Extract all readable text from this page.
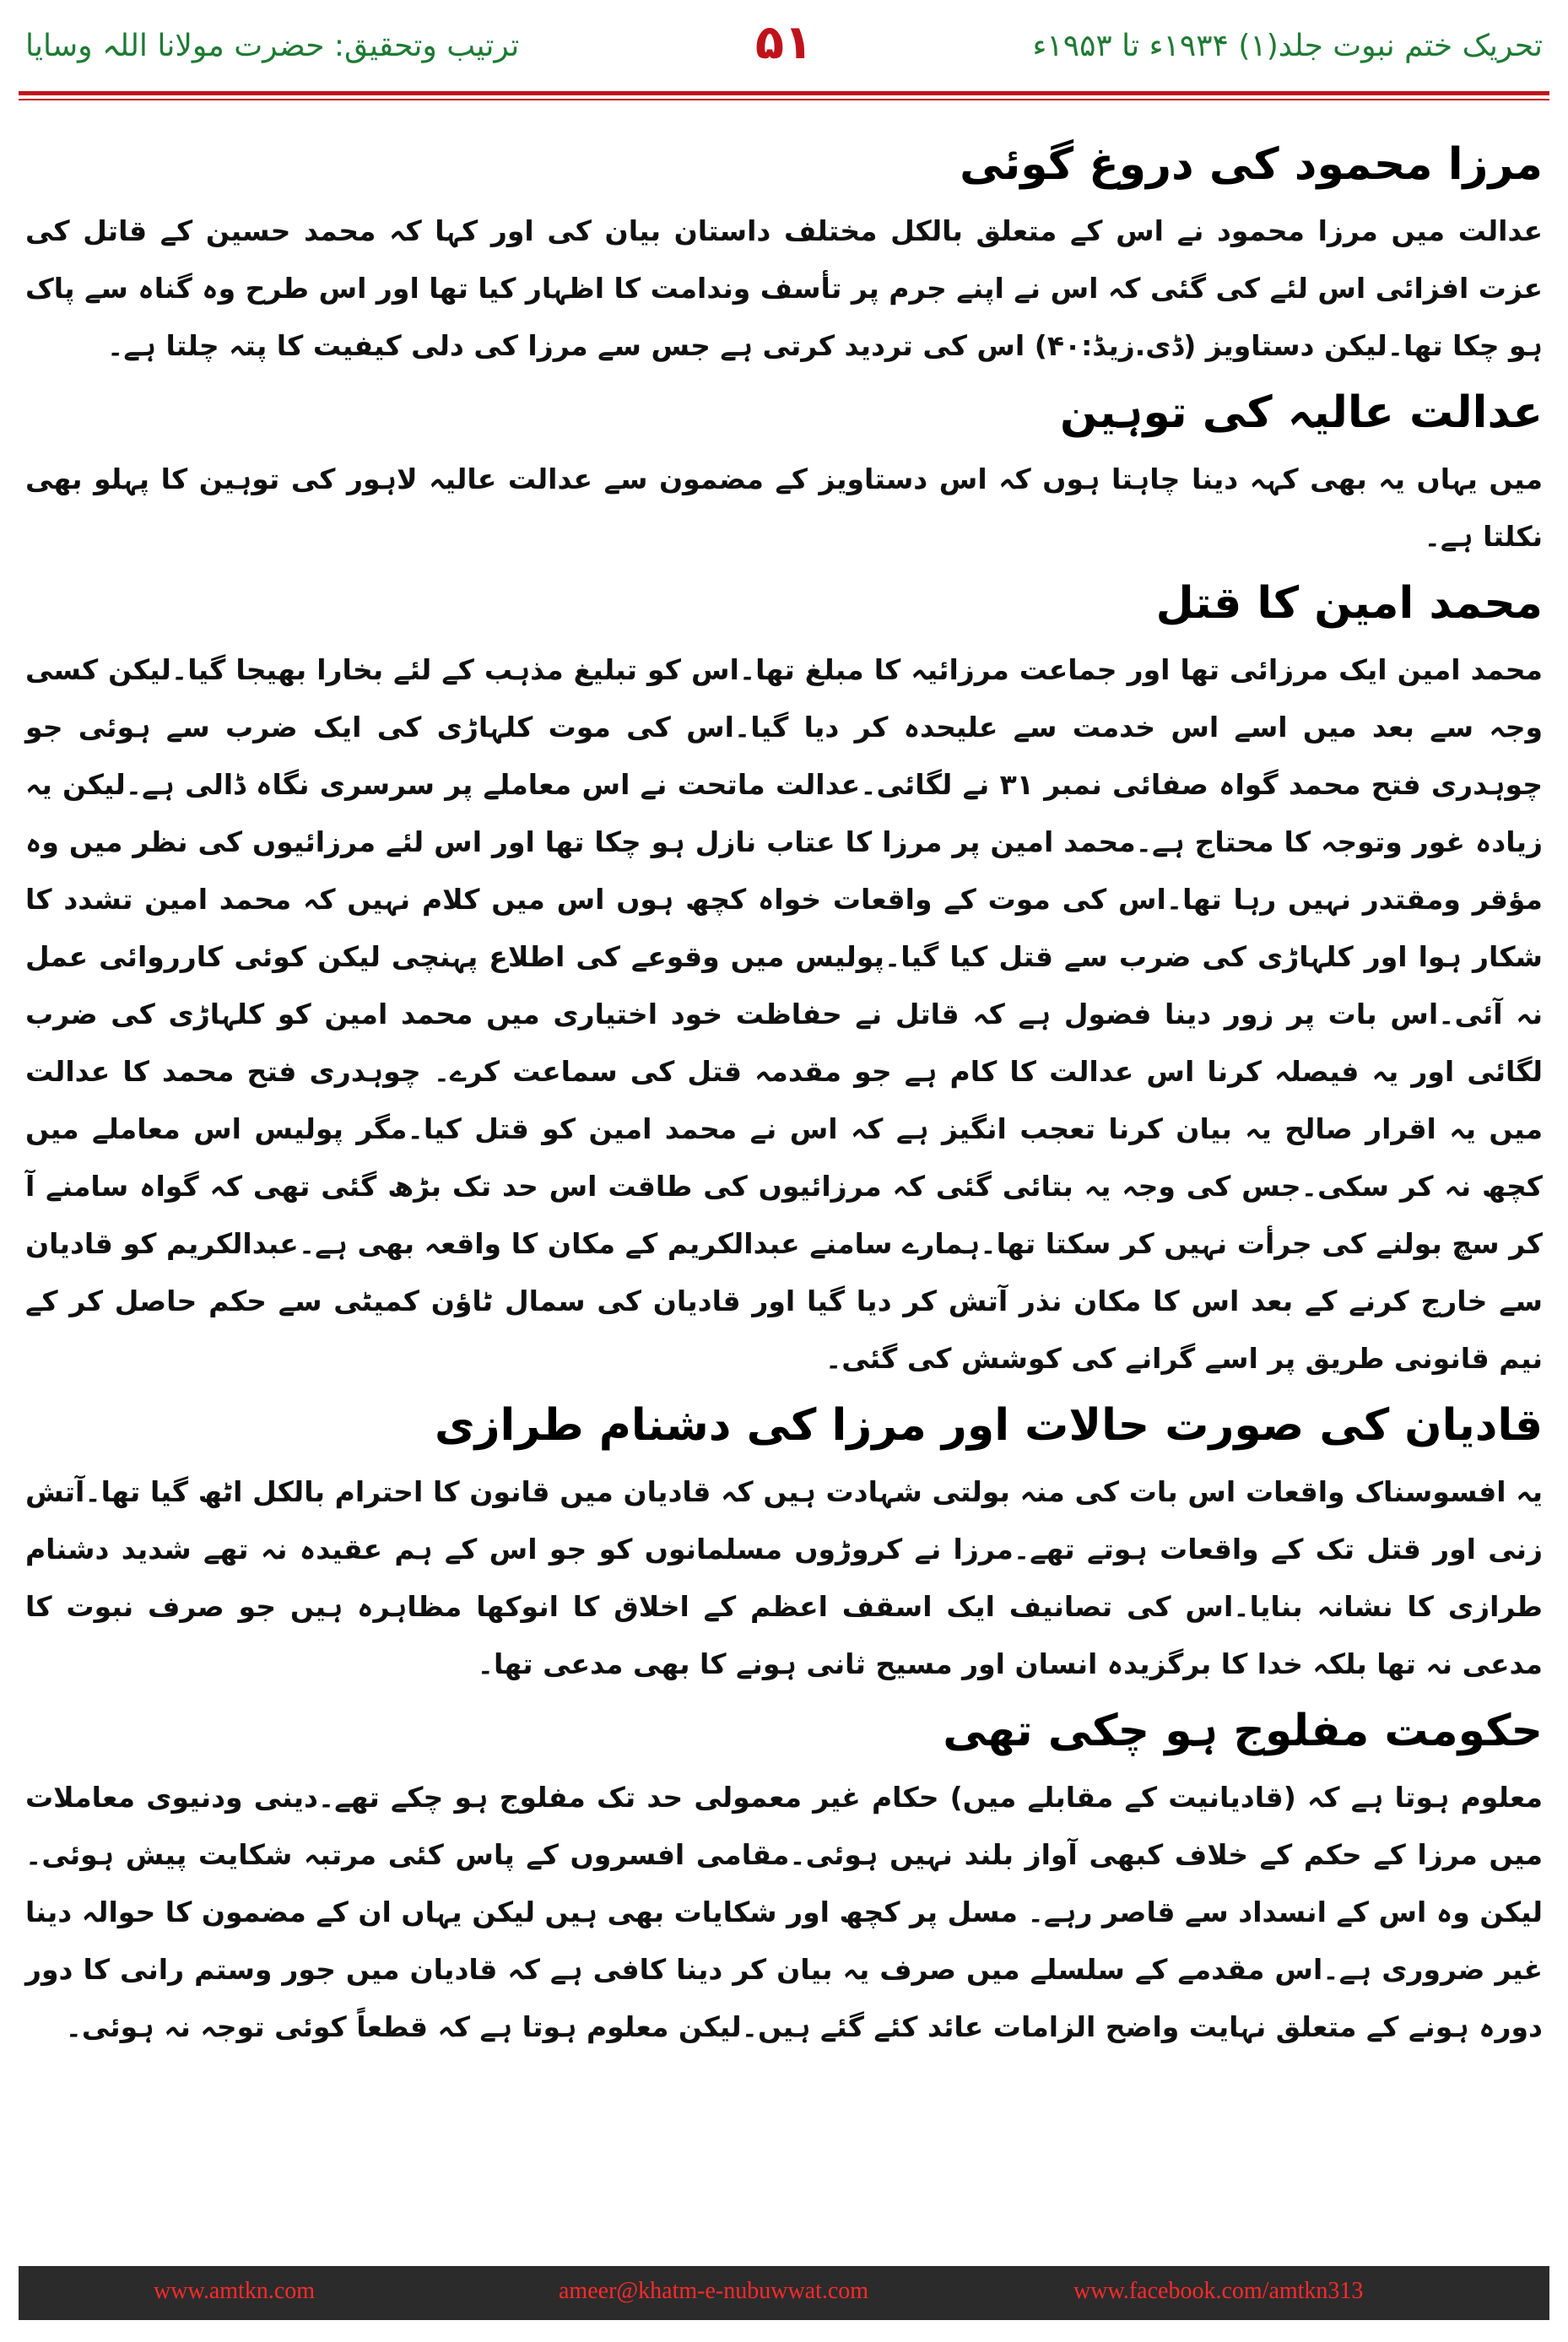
تحریک ختم نبوت جلد(۱) ۱۹۳۴ء تا ۱۹۵۳ء
۵۱
ترتیب وتحقیق: حضرت مولانا اللہ وسایا
مرزا محمود کی دروغ گوئی

عدالت میں مرزا محمود نے اس کے متعلق بالکل مختلف داستان بیان کی اور کہا کہ محمد حسین کے قاتل کی عزت افزائی اس لئے کی گئی کہ اس نے اپنے جرم پر تأسف وندامت کا اظہار کیا تھا اور اس طرح وہ گناہ سے پاک ہو چکا تھا۔لیکن دستاویز (ڈی.زیڈ:۴۰) اس کی تردید کرتی ہے جس سے مرزا کی دلی کیفیت کا پتہ چلتا ہے۔

عدالت عالیہ کی توہین

میں یہاں یہ بھی کہہ دینا چاہتا ہوں کہ اس دستاویز کے مضمون سے عدالت عالیہ لاہور کی توہین کا پہلو بھی نکلتا ہے۔

محمد امین کا قتل

محمد امین ایک مرزائی تھا اور جماعت مرزائیہ کا مبلغ تھا۔اس کو تبلیغ مذہب کے لئے بخارا بھیجا گیا۔لیکن کسی وجہ سے بعد میں اسے اس خدمت سے علیحدہ کر دیا گیا۔اس کی موت کلہاڑی کی ایک ضرب سے ہوئی جو چوہدری فتح محمد گواہ صفائی نمبر ۳۱ نے لگائی۔عدالت ماتحت نے اس معاملے پر سرسری نگاہ ڈالی ہے۔لیکن یہ زیادہ غور وتوجہ کا محتاج ہے۔محمد امین پر مرزا کا عتاب نازل ہو چکا تھا اور اس لئے مرزائیوں کی نظر میں وہ مؤقر ومقتدر نہیں رہا تھا۔اس کی موت کے واقعات خواہ کچھ ہوں اس میں کلام نہیں کہ محمد امین تشدد کا شکار ہوا اور کلہاڑی کی ضرب سے قتل کیا گیا۔پولیس میں وقوعے کی اطلاع پہنچی لیکن کوئی کارروائی عمل نہ آئی۔اس بات پر زور دینا فضول ہے کہ قاتل نے حفاظت خود اختیاری میں محمد امین کو کلہاڑی کی ضرب لگائی اور یہ فیصلہ کرنا اس عدالت کا کام ہے جو مقدمہ قتل کی سماعت کرے۔ چوہدری فتح محمد کا عدالت میں یہ اقرار صالح یہ بیان کرنا تعجب انگیز ہے کہ اس نے محمد امین کو قتل کیا۔مگر پولیس اس معاملے میں کچھ نہ کر سکی۔جس کی وجہ یہ بتائی گئی کہ مرزائیوں کی طاقت اس حد تک بڑھ گئی تھی کہ گواہ سامنے آ کر سچ بولنے کی جرأت نہیں کر سکتا تھا۔ہمارے سامنے عبدالکریم کے مکان کا واقعہ بھی ہے۔عبدالکریم کو قادیان سے خارج کرنے کے بعد اس کا مکان نذر آتش کر دیا گیا اور قادیان کی سمال ٹاؤن کمیٹی سے حکم حاصل کر کے نیم قانونی طریق پر اسے گرانے کی کوشش کی گئی۔

قادیان کی صورت حالات اور مرزا کی دشنام طرازی

یہ افسوسناک واقعات اس بات کی منہ بولتی شہادت ہیں کہ قادیان میں قانون کا احترام بالکل اٹھ گیا تھا۔آتش زنی اور قتل تک کے واقعات ہوتے تھے۔مرزا نے کروڑوں مسلمانوں کو جو اس کے ہم عقیدہ نہ تھے شدید دشنام طرازی کا نشانہ بنایا۔اس کی تصانیف ایک اسقف اعظم کے اخلاق کا انوکھا مظاہرہ ہیں جو صرف نبوت کا مدعی نہ تھا بلکہ خدا کا برگزیدہ انسان اور مسیح ثانی ہونے کا بھی مدعی تھا۔

حکومت مفلوج ہو چکی تھی

معلوم ہوتا ہے کہ (قادیانیت کے مقابلے میں) حکام غیر معمولی حد تک مفلوج ہو چکے تھے۔دینی ودنیوی معاملات میں مرزا کے حکم کے خلاف کبھی آواز بلند نہیں ہوئی۔مقامی افسروں کے پاس کئی مرتبہ شکایت پیش ہوئی۔لیکن وہ اس کے انسداد سے قاصر رہے۔ مسل پر کچھ اور شکایات بھی ہیں لیکن یہاں ان کے مضمون کا حوالہ دینا غیر ضروری ہے۔اس مقدمے کے سلسلے میں صرف یہ بیان کر دینا کافی ہے کہ قادیان میں جور وستم رانی کا دور دورہ ہونے کے متعلق نہایت واضح الزامات عائد کئے گئے ہیں۔لیکن معلوم ہوتا ہے کہ قطعاً کوئی توجہ نہ ہوئی۔

www.amtkn.com	ameer@khatm-e-nubuwwat.com	www.facebook.com/amtkn313
